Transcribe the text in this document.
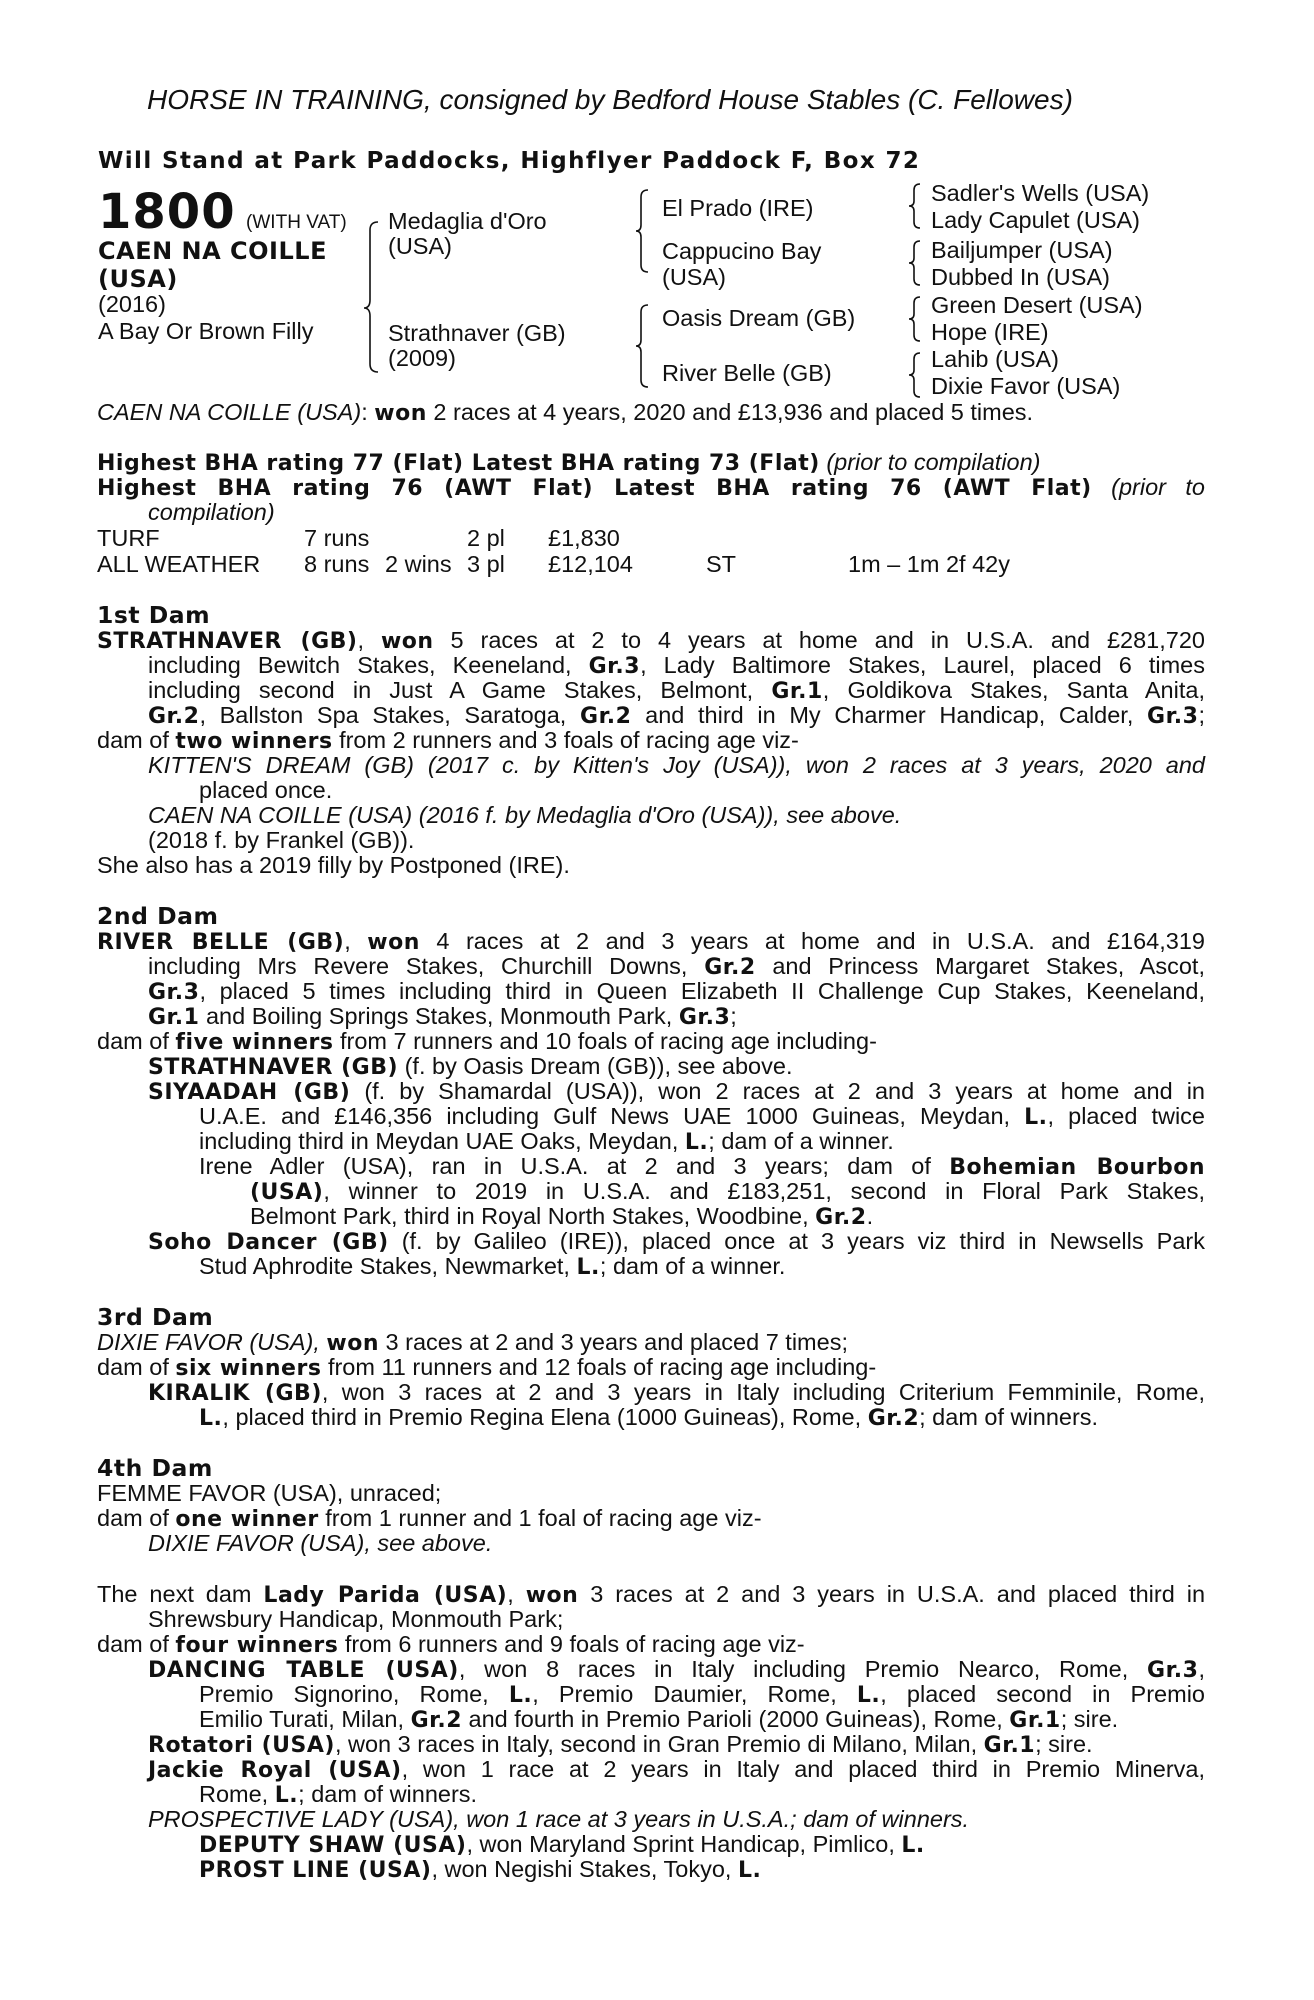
HORSE IN TRAINING, consigned by Bedford House Stables (C. Fellowes)
Will Stand at Park Paddocks, Highflyer Paddock F, Box 72
1800 (WITH VAT)
CAEN NA COILLE
(USA)
(2016)
A Bay Or Brown Filly
Medaglia d'Oro
(USA)
Strathnaver (GB)
(2009)
El Prado (IRE)
Cappucino Bay
(USA)
Oasis Dream (GB)
River Belle (GB)
Sadler's Wells (USA)
Lady Capulet (USA)
Bailjumper (USA)
Dubbed In (USA)
Green Desert (USA)
Hope (IRE)
Lahib (USA)
Dixie Favor (USA)
CAEN NA COILLE (USA): won 2 races at 4 years, 2020 and £13,936 and placed 5 times.
Highest BHA rating 77 (Flat) Latest BHA rating 73 (Flat) (prior to compilation)
Highest BHA rating 76 (AWT Flat) Latest BHA rating 76 (AWT Flat) (prior to
compilation)
TURF	7 runs	2 pl £1,830
ALL WEATHER 8 runs 2 wins 3 pl £12,104	ST	1m – 1m 2f 42y
1st Dam
STRATHNAVER (GB), won 5 races at 2 to 4 years at home and in U.S.A. and £281,720
including Bewitch Stakes, Keeneland, Gr.3, Lady Baltimore Stakes, Laurel, placed 6 times
including second in Just A Game Stakes, Belmont, Gr.1, Goldikova Stakes, Santa Anita,
Gr.2, Ballston Spa Stakes, Saratoga, Gr.2 and third in My Charmer Handicap, Calder, Gr.3;
dam of two winners from 2 runners and 3 foals of racing age viz-
KITTEN'S DREAM (GB) (2017 c. by Kitten's Joy (USA)), won 2 races at 3 years, 2020 and
placed once.
CAEN NA COILLE (USA) (2016 f. by Medaglia d'Oro (USA)), see above.
(2018 f. by Frankel (GB)).
She also has a 2019 filly by Postponed (IRE).
2nd Dam
RIVER BELLE (GB), won 4 races at 2 and 3 years at home and in U.S.A. and £164,319
including Mrs Revere Stakes, Churchill Downs, Gr.2 and Princess Margaret Stakes, Ascot,
Gr.3, placed 5 times including third in Queen Elizabeth II Challenge Cup Stakes, Keeneland,
Gr.1 and Boiling Springs Stakes, Monmouth Park, Gr.3;
dam of five winners from 7 runners and 10 foals of racing age including-
STRATHNAVER (GB) (f. by Oasis Dream (GB)), see above.
SIYAADAH (GB) (f. by Shamardal (USA)), won 2 races at 2 and 3 years at home and in
U.A.E. and £146,356 including Gulf News UAE 1000 Guineas, Meydan, L., placed twice
including third in Meydan UAE Oaks, Meydan, L.; dam of a winner.
Irene Adler (USA), ran in U.S.A. at 2 and 3 years; dam of Bohemian Bourbon
(USA), winner to 2019 in U.S.A. and £183,251, second in Floral Park Stakes,
Belmont Park, third in Royal North Stakes, Woodbine, Gr.2.
Soho Dancer (GB) (f. by Galileo (IRE)), placed once at 3 years viz third in Newsells Park
Stud Aphrodite Stakes, Newmarket, L.; dam of a winner.
3rd Dam
DIXIE FAVOR (USA), won 3 races at 2 and 3 years and placed 7 times;
dam of six winners from 11 runners and 12 foals of racing age including-
KIRALIK (GB), won 3 races at 2 and 3 years in Italy including Criterium Femminile, Rome,
L., placed third in Premio Regina Elena (1000 Guineas), Rome, Gr.2; dam of winners.
4th Dam
FEMME FAVOR (USA), unraced;
dam of one winner from 1 runner and 1 foal of racing age viz-
DIXIE FAVOR (USA), see above.
The next dam Lady Parida (USA), won 3 races at 2 and 3 years in U.S.A. and placed third in
Shrewsbury Handicap, Monmouth Park;
dam of four winners from 6 runners and 9 foals of racing age viz-
DANCING TABLE (USA), won 8 races in Italy including Premio Nearco, Rome, Gr.3,
Premio Signorino, Rome, L., Premio Daumier, Rome, L., placed second in Premio
Emilio Turati, Milan, Gr.2 and fourth in Premio Parioli (2000 Guineas), Rome, Gr.1; sire.
Rotatori (USA), won 3 races in Italy, second in Gran Premio di Milano, Milan, Gr.1; sire.
Jackie Royal (USA), won 1 race at 2 years in Italy and placed third in Premio Minerva,
Rome, L.; dam of winners.
PROSPECTIVE LADY (USA), won 1 race at 3 years in U.S.A.; dam of winners.
DEPUTY SHAW (USA), won Maryland Sprint Handicap, Pimlico, L.
PROST LINE (USA), won Negishi Stakes, Tokyo, L.
